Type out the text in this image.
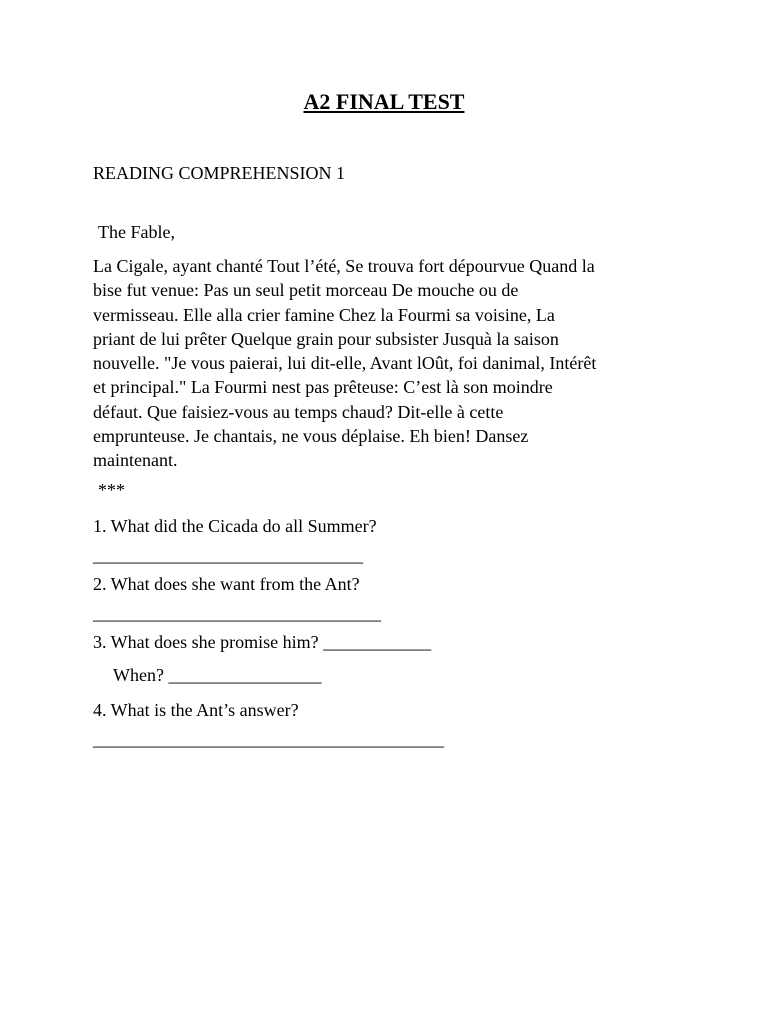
A2 FINAL TEST
READING COMPREHENSION 1
The Fable,
La Cigale, ayant chanté Tout l’été, Se trouva fort dépourvue Quand la
bise fut venue: Pas un seul petit morceau De mouche ou de
vermisseau. Elle alla crier famine Chez la Fourmi sa voisine, La
priant de lui prêter Quelque grain pour subsister Jusquà la saison
nouvelle. "Je vous paierai, lui dit-elle, Avant lOût, foi danimal, Intérêt
et principal." La Fourmi nest pas prêteuse: C’est là son moindre
défaut. Que faisiez-vous au temps chaud? Dit-elle à cette
emprunteuse. Je chantais, ne vous déplaise. Eh bien! Dansez
maintenant.
***
1. What did the Cicada do all Summer?
______________________________
2. What does she want from the Ant?
________________________________
3. What does she promise him? ____________
When? _________________
4. What is the Ant’s answer?
_______________________________________
